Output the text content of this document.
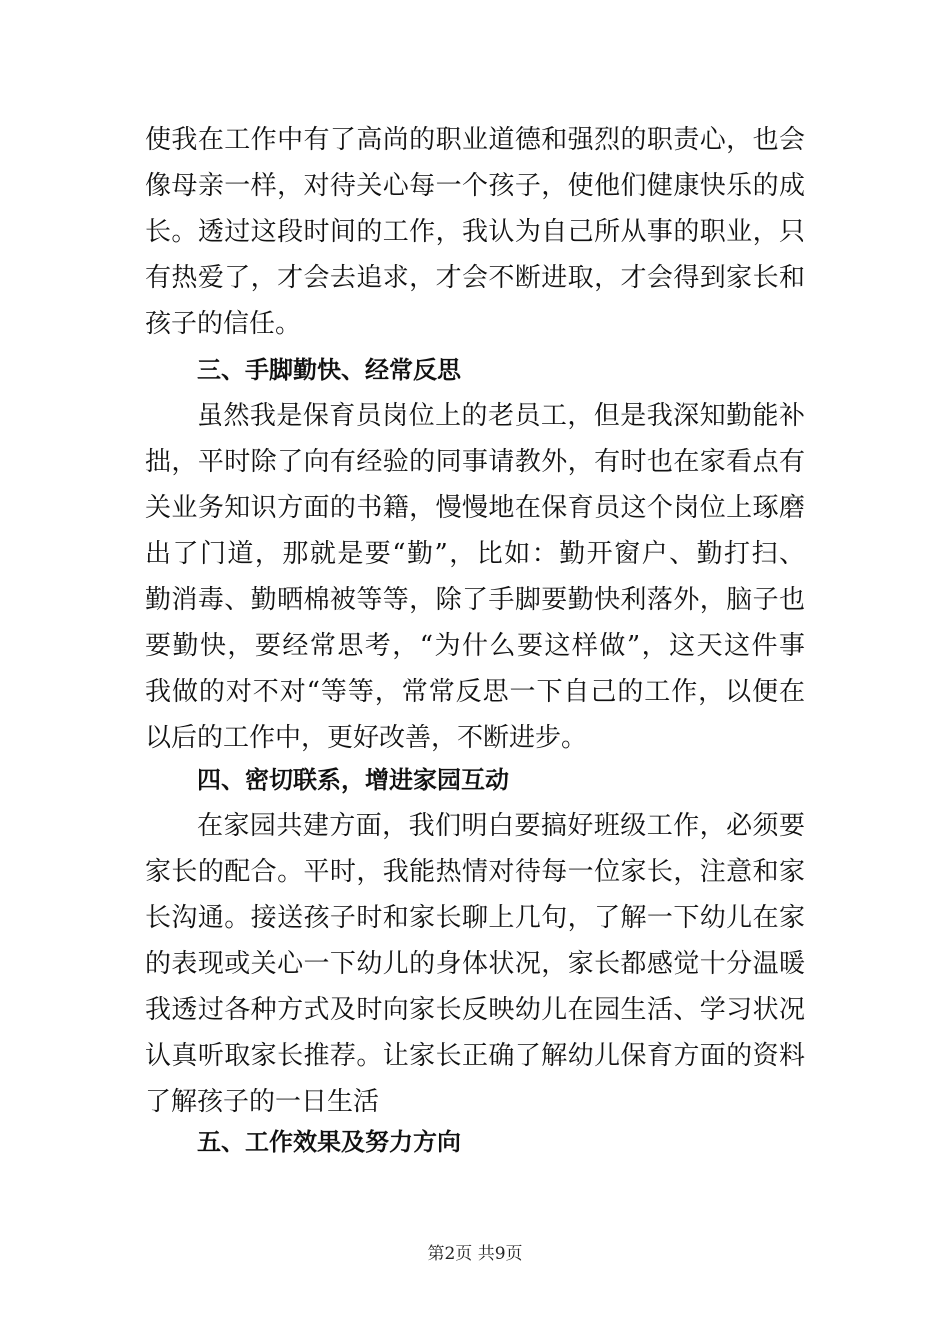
使我在工作中有了高尚的职业道德和强烈的职责心，也会
像母亲一样，对待关心每一个孩子，使他们健康快乐的成
长。透过这段时间的工作，我认为自己所从事的职业，只
有热爱了，才会去追求，才会不断进取，才会得到家长和
孩子的信任。
三、手脚勤快、经常反思
虽然我是保育员岗位上的老员工，但是我深知勤能补
拙，平时除了向有经验的同事请教外，有时也在家看点有
关业务知识方面的书籍，慢慢地在保育员这个岗位上琢磨
出了门道，那就是要“勤”，比如：勤开窗户、勤打扫、
勤消毒、勤晒棉被等等，除了手脚要勤快利落外，脑子也
要勤快，要经常思考，“为什么要这样做”，这天这件事
我做的对不对“等等，常常反思一下自己的工作，以便在
以后的工作中，更好改善，不断进步。
四、密切联系，增进家园互动
在家园共建方面，我们明白要搞好班级工作，必须要
家长的配合。平时，我能热情对待每一位家长，注意和家
长沟通。接送孩子时和家长聊上几句，了解一下幼儿在家
的表现或关心一下幼儿的身体状况，家长都感觉十分温暖
我透过各种方式及时向家长反映幼儿在园生活、学习状况
认真听取家长推荐。让家长正确了解幼儿保育方面的资料
了解孩子的一日生活
五、工作效果及努力方向
第2页 共9页
